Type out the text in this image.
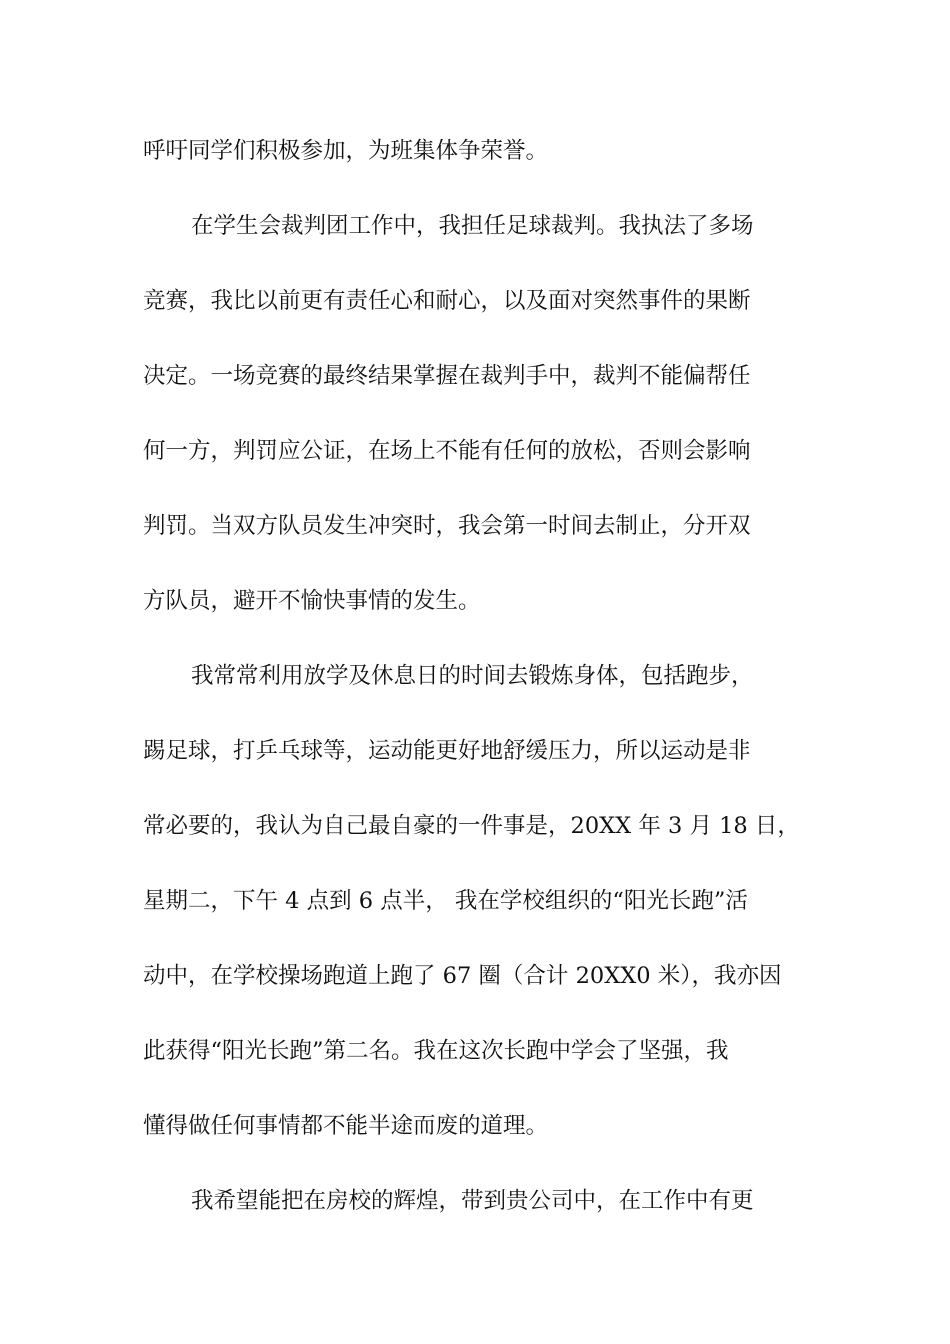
呼吁同学们积极参加，为班集体争荣誉。
在学生会裁判团工作中，我担任足球裁判。我执法了多场
竞赛，我比以前更有责任心和耐心，以及面对突然事件的果断
决定。一场竞赛的最终结果掌握在裁判手中，裁判不能偏帮任
何一方，判罚应公证，在场上不能有任何的放松，否则会影响
判罚。当双方队员发生冲突时，我会第一时间去制止，分开双
方队员，避开不愉快事情的发生。
我常常利用放学及休息日的时间去锻炼身体，包括跑步，
踢足球，打乒乓球等，运动能更好地舒缓压力，所以运动是非
常必要的，我认为自己最自豪的一件事是，20XX 年 3 月 18 日，
星期二，下午 4 点到 6 点半， 我在学校组织的“阳光长跑”活
动中，在学校操场跑道上跑了 67 圈（合计 20XX0 米），我亦因
此获得“阳光长跑”第二名。我在这次长跑中学会了坚强，我
懂得做任何事情都不能半途而废的道理。
我希望能把在房校的辉煌，带到贵公司中，在工作中有更
